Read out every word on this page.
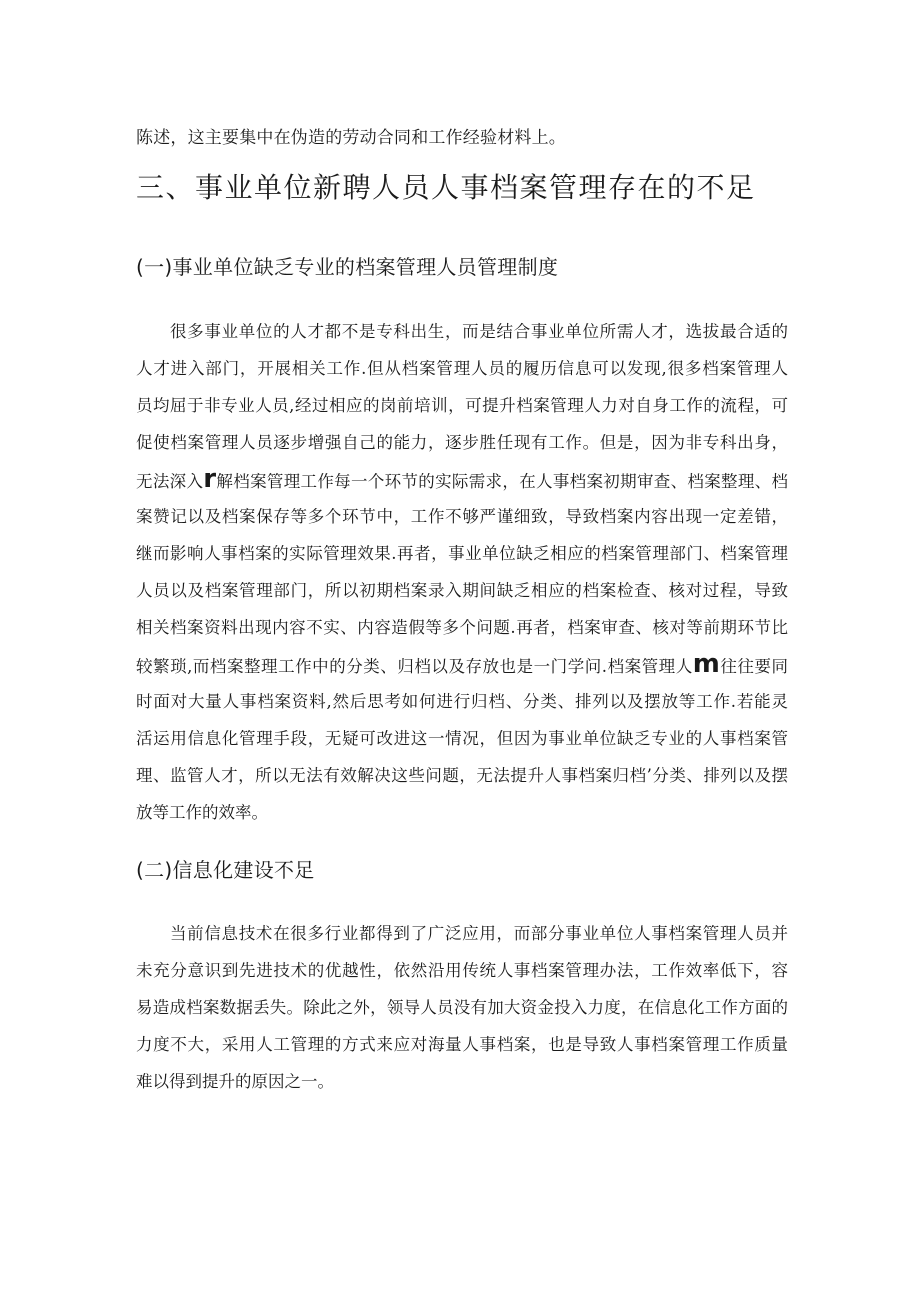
陈述，这主要集中在伪造的劳动合同和工作经验材料上。
三、事业单位新聘人员人事档案管理存在的不足
(一)事业单位缺乏专业的档案管理人员管理制度
很多事业单位的人才都不是专科出生，而是结合事业单位所需人才，选拔最合适的
人才进入部门，开展相关工作.但从档案管理人员的履历信息可以发现,很多档案管理人
员均屈于非专业人员,经过相应的岗前培训，可提升档案管理人力对自身工作的流程，可
促使档案管理人员逐步增强自己的能力，逐步胜任现有工作。但是，因为非专科出身，
无法深入r解档案管理工作每一个环节的实际需求，在人事档案初期审查、档案整理、档
案赞记以及档案保存等多个环节中，工作不够严谨细致，导致档案内容出现一定差错，
继而影响人事档案的实际管理效果.再者，事业单位缺乏相应的档案管理部门、档案管理
人员以及档案管理部门，所以初期档案录入期间缺乏相应的档案检查、核对过程，导致
相关档案资料出现内容不实、内容造假等多个问题.再者，档案审查、核对等前期环节比
较繁琐,而档案整理工作中的分类、归档以及存放也是一门学问.档案管理人m往往要同
时面对大量人事档案资料,然后思考如何进行归档、分类、排列以及摆放等工作.若能灵
活运用信息化管理手段，无疑可改进这一情况，但因为事业单位缺乏专业的人事档案管
理、监管人才，所以无法有效解决这些问题，无法提升人事档案归档’分类、排列以及摆
放等工作的效率。
(二)信息化建设不足
当前信息技术在很多行业都得到了广泛应用，而部分事业单位人事档案管理人员并
未充分意识到先进技术的优越性，依然沿用传统人事档案管理办法，工作效率低下，容
易造成档案数据丢失。除此之外，领导人员没有加大资金投入力度，在信息化工作方面的
力度不大，采用人工管理的方式来应对海量人事档案，也是导致人事档案管理工作质量
难以得到提升的原因之一。
